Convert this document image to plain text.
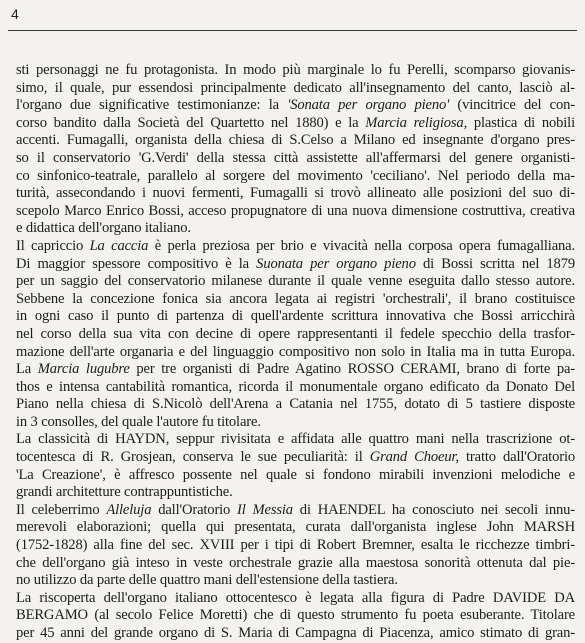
4
sti personaggi ne fu protagonista. In modo più marginale lo fu Perelli, scomparso giovanis-
simo, il quale, pur essendosi principalmente dedicato all'insegnamento del canto, lasciò al-
l'organo due significative testimonianze: la 'Sonata per organo pieno' (vincitrice del con-
corso bandito dalla Società del Quartetto nel 1880) e la Marcia religiosa, plastica di nobili
accenti. Fumagalli, organista della chiesa di S.Celso a Milano ed insegnante d'organo pres-
so il conservatorio 'G.Verdi' della stessa città assistette all'affermarsi del genere organisti-
co sinfonico-teatrale, parallelo al sorgere del movimento 'ceciliano'. Nel periodo della ma-
turità, assecondando i nuovi fermenti, Fumagalli si trovò allineato alle posizioni del suo di-
scepolo Marco Enrico Bossi, acceso propugnatore di una nuova dimensione costruttiva, creativa
e didattica dell'organo italiano.
Il capriccio La caccia è perla preziosa per brio e vivacità nella corposa opera fumagalliana.
Di maggior spessore compositivo è la Suonata per organo pieno di Bossi scritta nel 1879
per un saggio del conservatorio milanese durante il quale venne eseguita dallo stesso autore.
Sebbene la concezione fonica sia ancora legata ai registri 'orchestrali', il brano costituisce
in ogni caso il punto di partenza di quell'ardente scrittura innovativa che Bossi arricchirà
nel corso della sua vita con decine di opere rappresentanti il fedele specchio della trasfor-
mazione dell'arte organaria e del linguaggio compositivo non solo in Italia ma in tutta Europa.
La Marcia lugubre per tre organisti di Padre Agatino ROSSO CERAMI, brano di forte pa-
thos e intensa cantabilità romantica, ricorda il monumentale organo edificato da Donato Del
Piano nella chiesa di S.Nicolò dell'Arena a Catania nel 1755, dotato di 5 tastiere disposte
in 3 consolles, del quale l'autore fu titolare.
La classicità di HAYDN, seppur rivisitata e affidata alle quattro mani nella trascrizione ot-
tocentesca di R. Grosjean, conserva le sue peculiarità: il Grand Choeur, tratto dall'Oratorio
'La Creazione', è affresco possente nel quale si fondono mirabili invenzioni melodiche e
grandi architetture contrappuntistiche.
Il celeberrimo Alleluja dall'Oratorio Il Messia di HAENDEL ha conosciuto nei secoli innu-
merevoli elaborazioni; quella qui presentata, curata dall'organista inglese John MARSH
(1752-1828) alla fine del sec. XVIII per i tipi di Robert Bremner, esalta le ricchezze timbri-
che dell'organo già inteso in veste orchestrale grazie alla maestosa sonorità ottenuta dal pie-
no utilizzo da parte delle quattro mani dell'estensione della tastiera.
La riscoperta dell'organo italiano ottocentesco è legata alla figura di Padre DAVIDE DA
BERGAMO (al secolo Felice Moretti) che di questo strumento fu poeta esuberante. Titolare
per 45 anni del grande organo di S. Maria di Campagna di Piacenza, amico stimato di gran-
